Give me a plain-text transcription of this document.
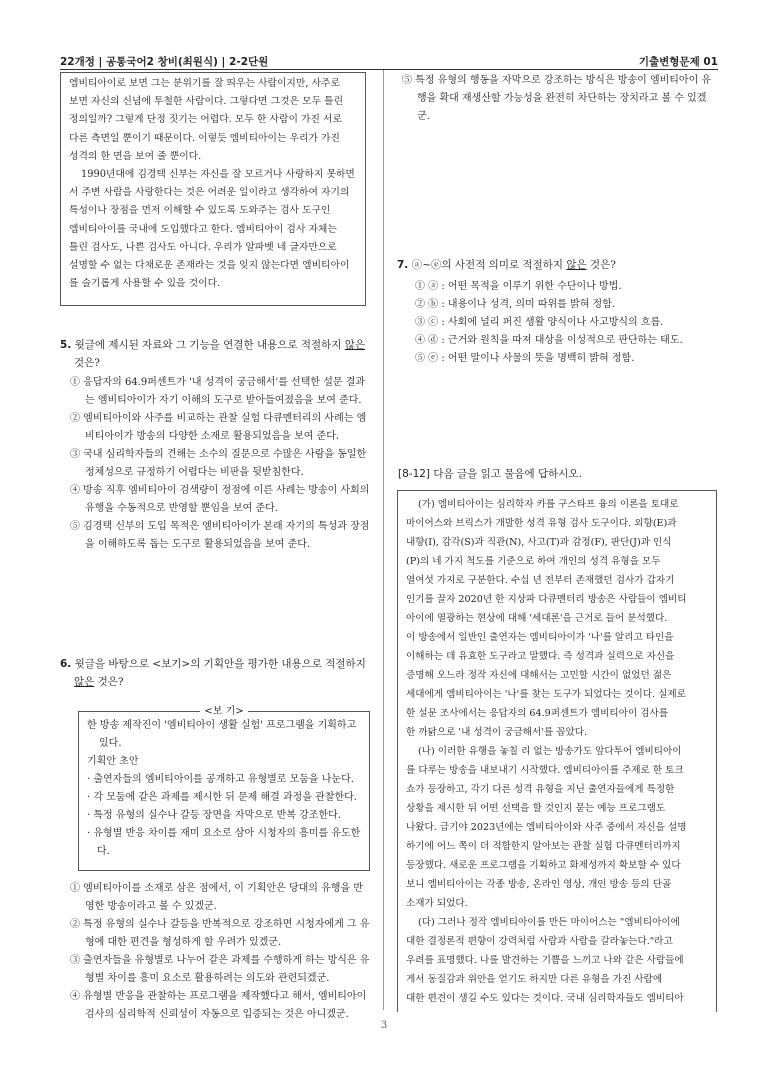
22개정 | 공통국어2 창비(최원식) | 2-2단원	기출변형문제 01

엠비티아이로 보면 그는 분위기를 잘 띄우는 사람이지만, 사주로

보면 자신의 신념에 투철한 사람이다. 그렇다면 그것은 모두 틀린

정의일까? 그렇게 단정 짓기는 어렵다. 모두 한 사람이 가진 서로

다른 측면일 뿐이기 때문이다. 이렇듯 엠비티아이는 우리가 가진

성격의 한 면을 보여 줄 뿐이다.

1990년대에 김경택 신부는 자신을 잘 모르거나 사랑하지 못하면

서 주변 사람을 사랑한다는 것은 어려운 일이라고 생각하여 자기의

특성이나 장점을 먼저 이해할 수 있도록 도와주는 검사 도구인

엠비티아이를 국내에 도입했다고 한다. 엠비티아이 검사 자체는

틀린 검사도, 나쁜 검사도 아니다. 우리가 알파벳 네 글자만으로

설명할 수 없는 다채로운 존재라는 것을 잊지 않는다면 엠비티아이

를 슬기롭게 사용할 수 있을 것이다.

5. 윗글에 제시된 자료와 그 기능을 연결한 내용으로 적절하지 않은 것은?
① 응답자의 64.9퍼센트가 '내 성격이 궁금해서'를 선택한 설문 결과는 엠비티아이가 자기 이해의 도구로 받아들여졌음을 보여 준다.
② 엠비티아이와 사주를 비교하는 관찰 실험 다큐멘터리의 사례는 엠비티아이가 방송의 다양한 소재로 활용되었음을 보여 준다.
③ 국내 심리학자들의 견해는 소수의 질문으로 수많은 사람을 동일한 정체성으로 규정하기 어렵다는 비판을 뒷받침한다.
④ 방송 직후 엠비티아이 검색량이 정점에 이른 사례는 방송이 사회의 유행을 수동적으로 반영할 뿐임을 보여 준다.
⑤ 김경택 신부의 도입 목적은 엠비티아이가 본래 자기의 특성과 장점을 이해하도록 돕는 도구로 활용되었음을 보여 준다.
6. 윗글을 바탕으로 <보기>의 기획안을 평가한 내용으로 적절하지 않은 것은?
<보 기>
한 방송 제작진이 '엠비티아이 생활 실험' 프로그램을 기획하고 있다.
기획안 초안
· 출연자들의 엠비티아이를 공개하고 유형별로 모둠을 나눈다.
· 각 모둠에 같은 과제를 제시한 뒤 문제 해결 과정을 관찰한다.
· 특정 유형의 실수나 갈등 장면을 자막으로 반복 강조한다.
· 유형별 반응 차이를 재미 요소로 삼아 시청자의 흥미를 유도한다.
① 엠비티아이를 소재로 삼은 점에서, 이 기획안은 당대의 유행을 반영한 방송이라고 볼 수 있겠군.
② 특정 유형의 실수나 갈등을 반복적으로 강조하면 시청자에게 그 유형에 대한 편견을 형성하게 할 우려가 있겠군.
③ 출연자들을 유형별로 나누어 같은 과제를 수행하게 하는 방식은 유형별 차이를 흥미 요소로 활용하려는 의도와 관련되겠군.
④ 유형별 반응을 관찰하는 프로그램을 제작했다고 해서, 엠비티아이 검사의 심리학적 신뢰성이 자동으로 입증되는 것은 아니겠군.
⑤ 특정 유형의 행동을 자막으로 강조하는 방식은 방송이 엠비티아이 유행을 확대 재생산할 가능성을 완전히 차단하는 장치라고 볼 수 있겠군.
7. ⓐ~ⓔ의 사전적 의미로 적절하지 않은 것은?
① ⓐ : 어떤 목적을 이루기 위한 수단이나 방법.
② ⓑ : 내용이나 성격, 의미 따위를 밝혀 정함.
③ ⓒ : 사회에 널리 퍼진 생활 양식이나 사고방식의 흐름.
④ ⓓ : 근거와 원칙을 따져 대상을 이성적으로 판단하는 태도.
⑤ ⓔ : 어떤 말이나 사물의 뜻을 명백히 밝혀 정함.
[8-12] 다음 글을 읽고 물음에 답하시오.

(가) 엠비티아이는 심리학자 카를 구스타프 융의 이론을 토대로

마이어스와 브릭스가 개발한 성격 유형 검사 도구이다. 외향(E)과

내향(I), 감각(S)과 직관(N), 사고(T)과 감정(F), 판단(J)과 인식

(P)의 네 가지 척도를 기준으로 하여 개인의 성격 유형을 모두

열여섯 가지로 구분한다. 수십 년 전부터 존재했던 검사가 갑자기

인기를 끌자 2020년 한 지상파 다큐멘터리 방송은 사람들이 엠비티

아이에 열광하는 현상에 대해 '세대론'을 근거로 들어 분석했다.

이 방송에서 일반인 출연자는 엠비티아이가 '나'를 알리고 타인을

이해하는 데 유효한 도구라고 말했다. 즉 성격과 실력으로 자신을

증명해 오느라 정작 자신에 대해서는 고민할 시간이 없었던 젊은

세대에게 엠비티아이는 '나'를 찾는 도구가 되었다는 것이다. 실제로

한 설문 조사에서는 응답자의 64.9퍼센트가 엠비티아이 검사를

한 까닭으로 '내 성격이 궁금해서'를 꼽았다.

(나) 이러한 유행을 놓칠 리 없는 방송가도 앞다투어 엠비티아이

를 다루는 방송을 내보내기 시작했다. 엠비티아이를 주제로 한 토크

쇼가 등장하고, 각기 다른 성격 유형을 지닌 출연자들에게 특정한

상황을 제시한 뒤 어떤 선택을 할 것인지 묻는 예능 프로그램도

나왔다. 급기야 2023년에는 엠비티아이와 사주 중에서 자신을 설명

하기에 어느 쪽이 더 적합한지 알아보는 관찰 실험 다큐멘터리까지

등장했다. 새로운 프로그램을 기획하고 화제성까지 확보할 수 있다

보니 엠비티아이는 각종 방송, 온라인 영상, 개인 방송 등의 단골

소재가 되었다.

(다) 그러나 정작 엠비티아이를 만든 마이어스는 "엠비티아이에

대한 결정론적 편향이 강력처럼 사람과 사람을 갈라놓는다."라고

우려를 표명했다. 나를 발견하는 기쁨을 느끼고 나와 같은 사람들에

게서 동질감과 위안을 얻기도 하지만 다른 유형을 가진 사람에

대한 편견이 생길 수도 있다는 것이다. 국내 심리학자들도 엠비티아

3
